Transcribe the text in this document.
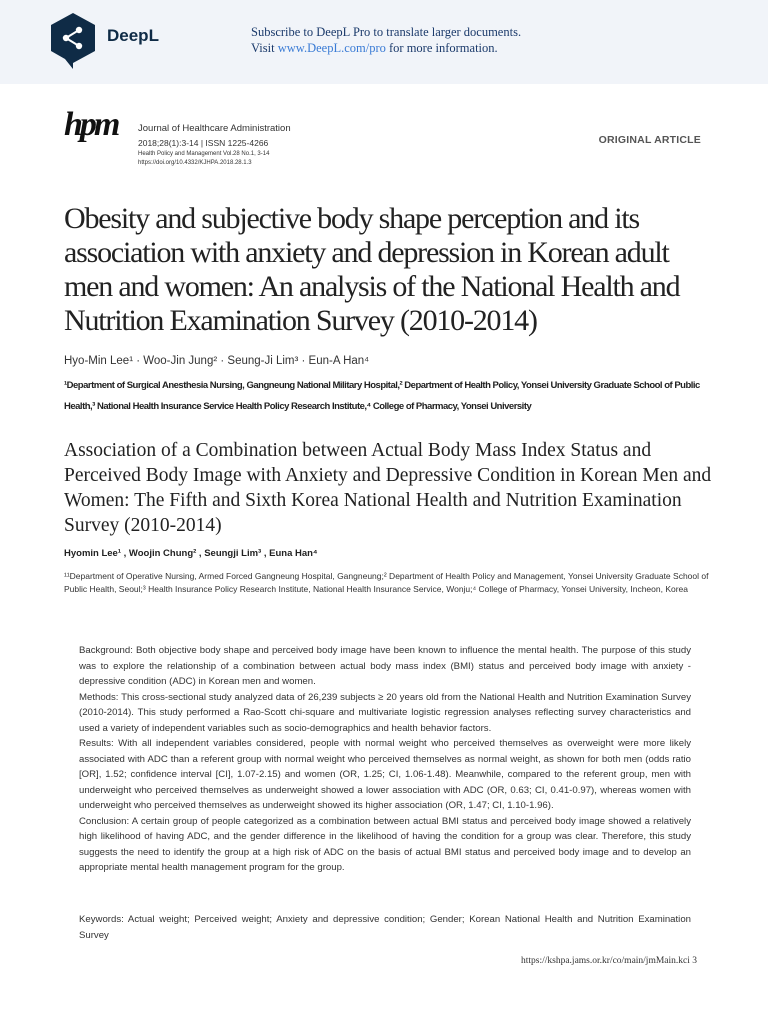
DeepL	Subscribe to DeepL Pro to translate larger documents.
Visit www.DeepL.com/pro for more information.
hpm Journal of Healthcare Administration
2018;28(1):3-14 | ISSN 1225-4266
Health Policy and Management Vol.28 No.1, 3-14
https://doi.org/10.4332/KJHPA.2018.28.1.3
ORIGINAL ARTICLE
Obesity and subjective body shape perception and its association with anxiety and depression in Korean adult men and women: An analysis of the National Health and Nutrition Examination Survey (2010-2014)
Hyo-Min Lee¹ · Woo-Jin Jung² · Seung-Ji Lim³ · Eun-A Han⁴
¹Department of Surgical Anesthesia Nursing, Gangneung National Military Hospital,² Department of Health Policy, Yonsei University Graduate School of Public Health,³ National Health Insurance Service Health Policy Research Institute,⁴ College of Pharmacy, Yonsei University
Association of a Combination between Actual Body Mass Index Status and Perceived Body Image with Anxiety and Depressive Condition in Korean Men and Women: The Fifth and Sixth Korea National Health and Nutrition Examination Survey (2010-2014)
Hyomin Lee¹ , Woojin Chung² , Seungji Lim³ , Euna Han⁴
¹¹Department of Operative Nursing, Armed Forced Gangneung Hospital, Gangneung;² Department of Health Policy and Management, Yonsei University Graduate School of Public Health, Seoul;³ Health Insurance Policy Research Institute, National Health Insurance Service, Wonju;⁴ College of Pharmacy, Yonsei University, Incheon, Korea

Background: Both objective body shape and perceived body image have been known to influence the mental health. The purpose of this study was to explore the relationship of a combination between actual body mass index (BMI) status and perceived body image with anxiety - depressive condition (ADC) in Korean men and women.

Methods: This cross-sectional study analyzed data of 26,239 subjects ≥ 20 years old from the National Health and Nutrition Examination Survey (2010-2014). This study performed a Rao-Scott chi-square and multivariate logistic regression analyses reflecting survey characteristics and used a variety of independent variables such as socio-demographics and health behavior factors.

Results: With all independent variables considered, people with normal weight who perceived themselves as overweight were more likely associated with ADC than a referent group with normal weight who perceived themselves as normal weight, as shown for both men (odds ratio [OR], 1.52; confidence interval [CI], 1.07-2.15) and women (OR, 1.25; CI, 1.06-1.48). Meanwhile, compared to the referent group, men with underweight who perceived themselves as underweight showed a lower association with ADC (OR, 0.63; CI, 0.41-0.97), whereas women with underweight who perceived themselves as underweight showed its higher association (OR, 1.47; CI, 1.10-1.96).

Conclusion: A certain group of people categorized as a combination between actual BMI status and perceived body image showed a relatively high likelihood of having ADC, and the gender difference in the likelihood of having the condition for a group was clear. Therefore, this study suggests the need to identify the group at a high risk of ADC on the basis of actual BMI status and perceived body image and to develop an appropriate mental health management program for the group.

Keywords: Actual weight; Perceived weight; Anxiety and depressive condition; Gender; Korean National Health and Nutrition Examination Survey
https://kshpa.jams.or.kr/co/main/jmMain.kci 3
